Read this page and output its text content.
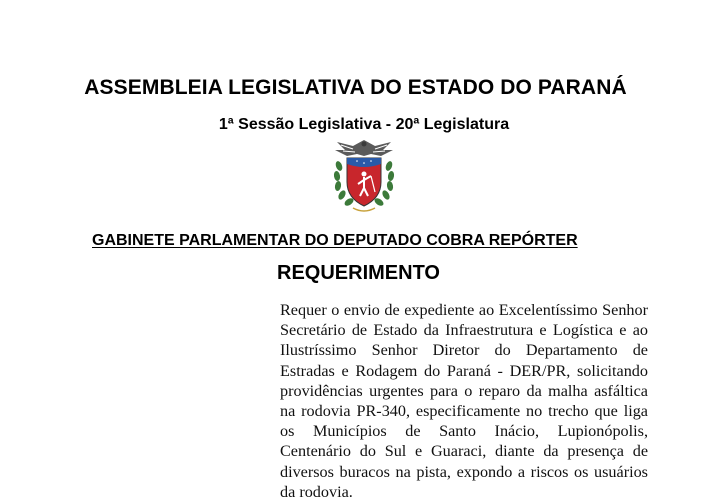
ASSEMBLEIA LEGISLATIVA DO ESTADO DO PARANÁ
1ª Sessão Legislativa - 20ª Legislatura
GABINETE PARLAMENTAR DO DEPUTADO COBRA REPÓRTER
REQUERIMENTO
Requer o envio de expediente ao Excelentíssimo Senhor Secretário de Estado da Infraestrutura e Logística e ao Ilustríssimo Senhor Diretor do Departamento de Estradas e Rodagem do Paraná - DER/PR, solicitando providências urgentes para o reparo da malha asfáltica na rodovia PR-340, especificamente no trecho que liga os Municípios de Santo Inácio, Lupionópolis, Centenário do Sul e Guaraci, diante da presença de diversos buracos na pista, expondo a riscos os usuários da rodovia.
